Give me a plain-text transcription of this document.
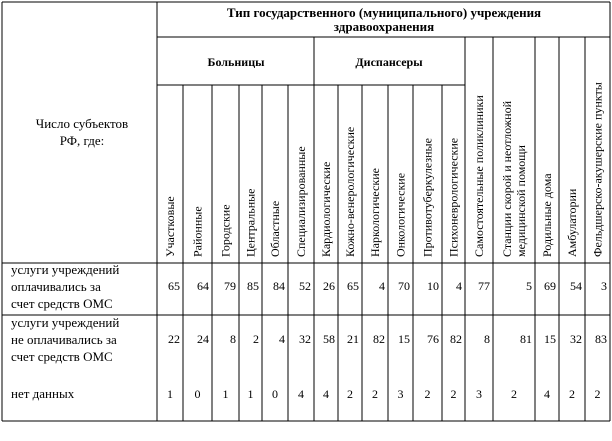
Тип государственного (муниципального) учреждения
здравоохранения
Больницы	Диспансеры
Число субъектов
РФ, где:
услуги учреждений
оплачивались за
счет средств ОМС
услуги учреждений
не оплачивались за
счет средств ОМС
нет данных
Участковые Районные Городские Центральные Областные Специализированные Кардиологические Кожно-венерологические Наркологические Онкологические Противотуберкулезные Психоневрологические Самостоятельные поликлиники Станции скорой и неотложной медицинской помощи Родильные дома Амбулатории Фельдшерско-акушерские пункты
65
22
1
64
24
0
79
8
1
85
2
1
84
4
0
52
32
4
26
58
4
65
21
2
4
82
2
70
15
3
10
76
2
4
82
2
77
8
3
5
81
2
69
15
4
54
32
2
3
83
2
